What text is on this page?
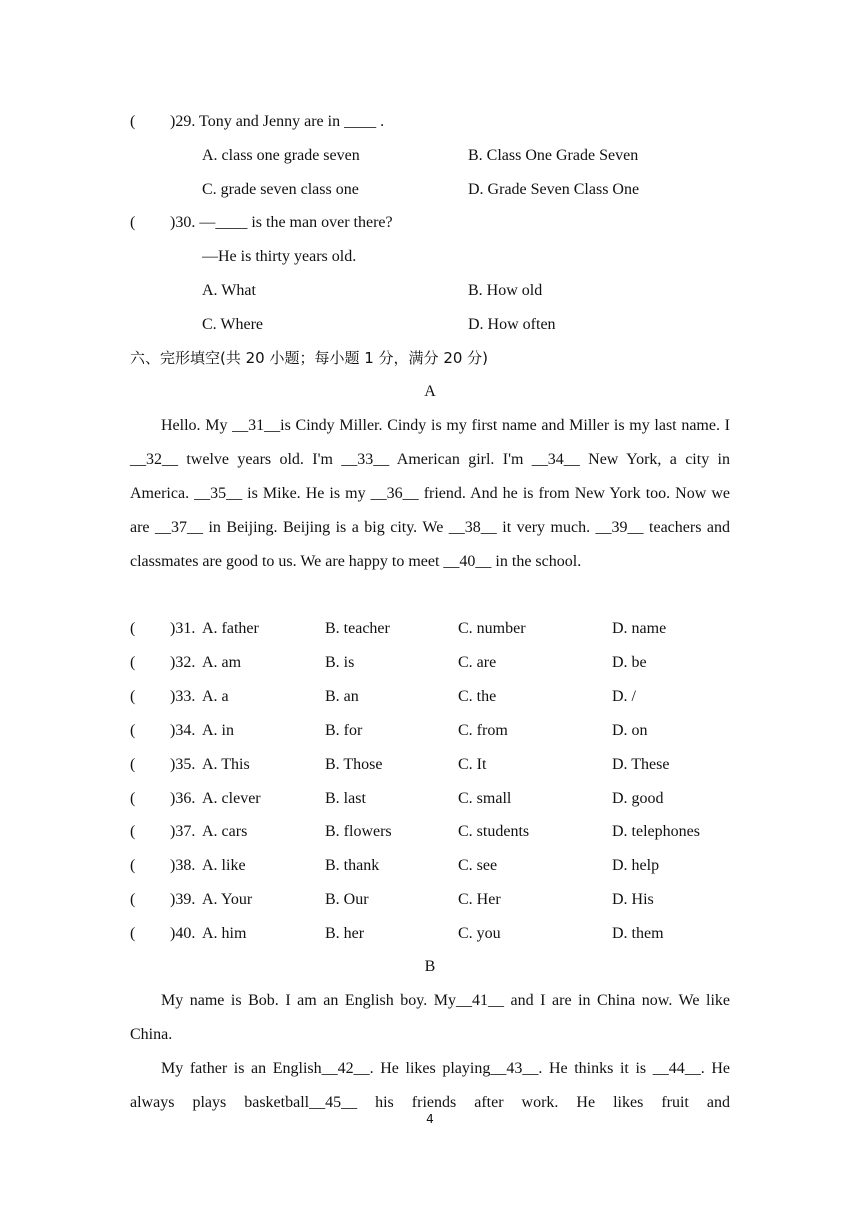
( )29. Tony and Jenny are in ____ .
A. class one grade seven	B. Class One Grade Seven
C. grade seven class one	D. Grade Seven Class One
( )30. —____ is the man over there?
—He is thirty years old.
A. What	B. How old
C. Where	D. How often
六、完形填空(共 20 小题；每小题 1 分，满分 20 分)
A

Hello. My __31__is Cindy Miller. Cindy is my first name and Miller is my last name. I __32__ twelve years old. I'm __33__ American girl. I'm __34__ New York, a city in America. __35__ is Mike. He is my __36__ friend. And he is from New York too. Now we are __37__ in Beijing. Beijing is a big city. We __38__ it very much. __39__ teachers and classmates are good to us. We are happy to meet __40__ in the school.

( )31. A. father	B. teacher	C. number	D. name
( )32. A. am	B. is	C. are	D. be
( )33. A. a	B. an	C. the	D. /
( )34. A. in	B. for	C. from	D. on
( )35. A. This	B. Those	C. It	D. These
( )36. A. clever	B. last	C. small	D. good
( )37. A. cars	B. flowers	C. students	D. telephones
( )38. A. like	B. thank	C. see	D. help
( )39. A. Your	B. Our	C. Her	D. His
( )40. A. him	B. her	C. you	D. them
B

My name is Bob. I am an English boy. My__41__ and I are in China now. We like China.

My father is an English__42__. He likes playing__43__. He thinks it is __44__. He always plays basketball__45__ his friends after work. He likes fruit and

4
